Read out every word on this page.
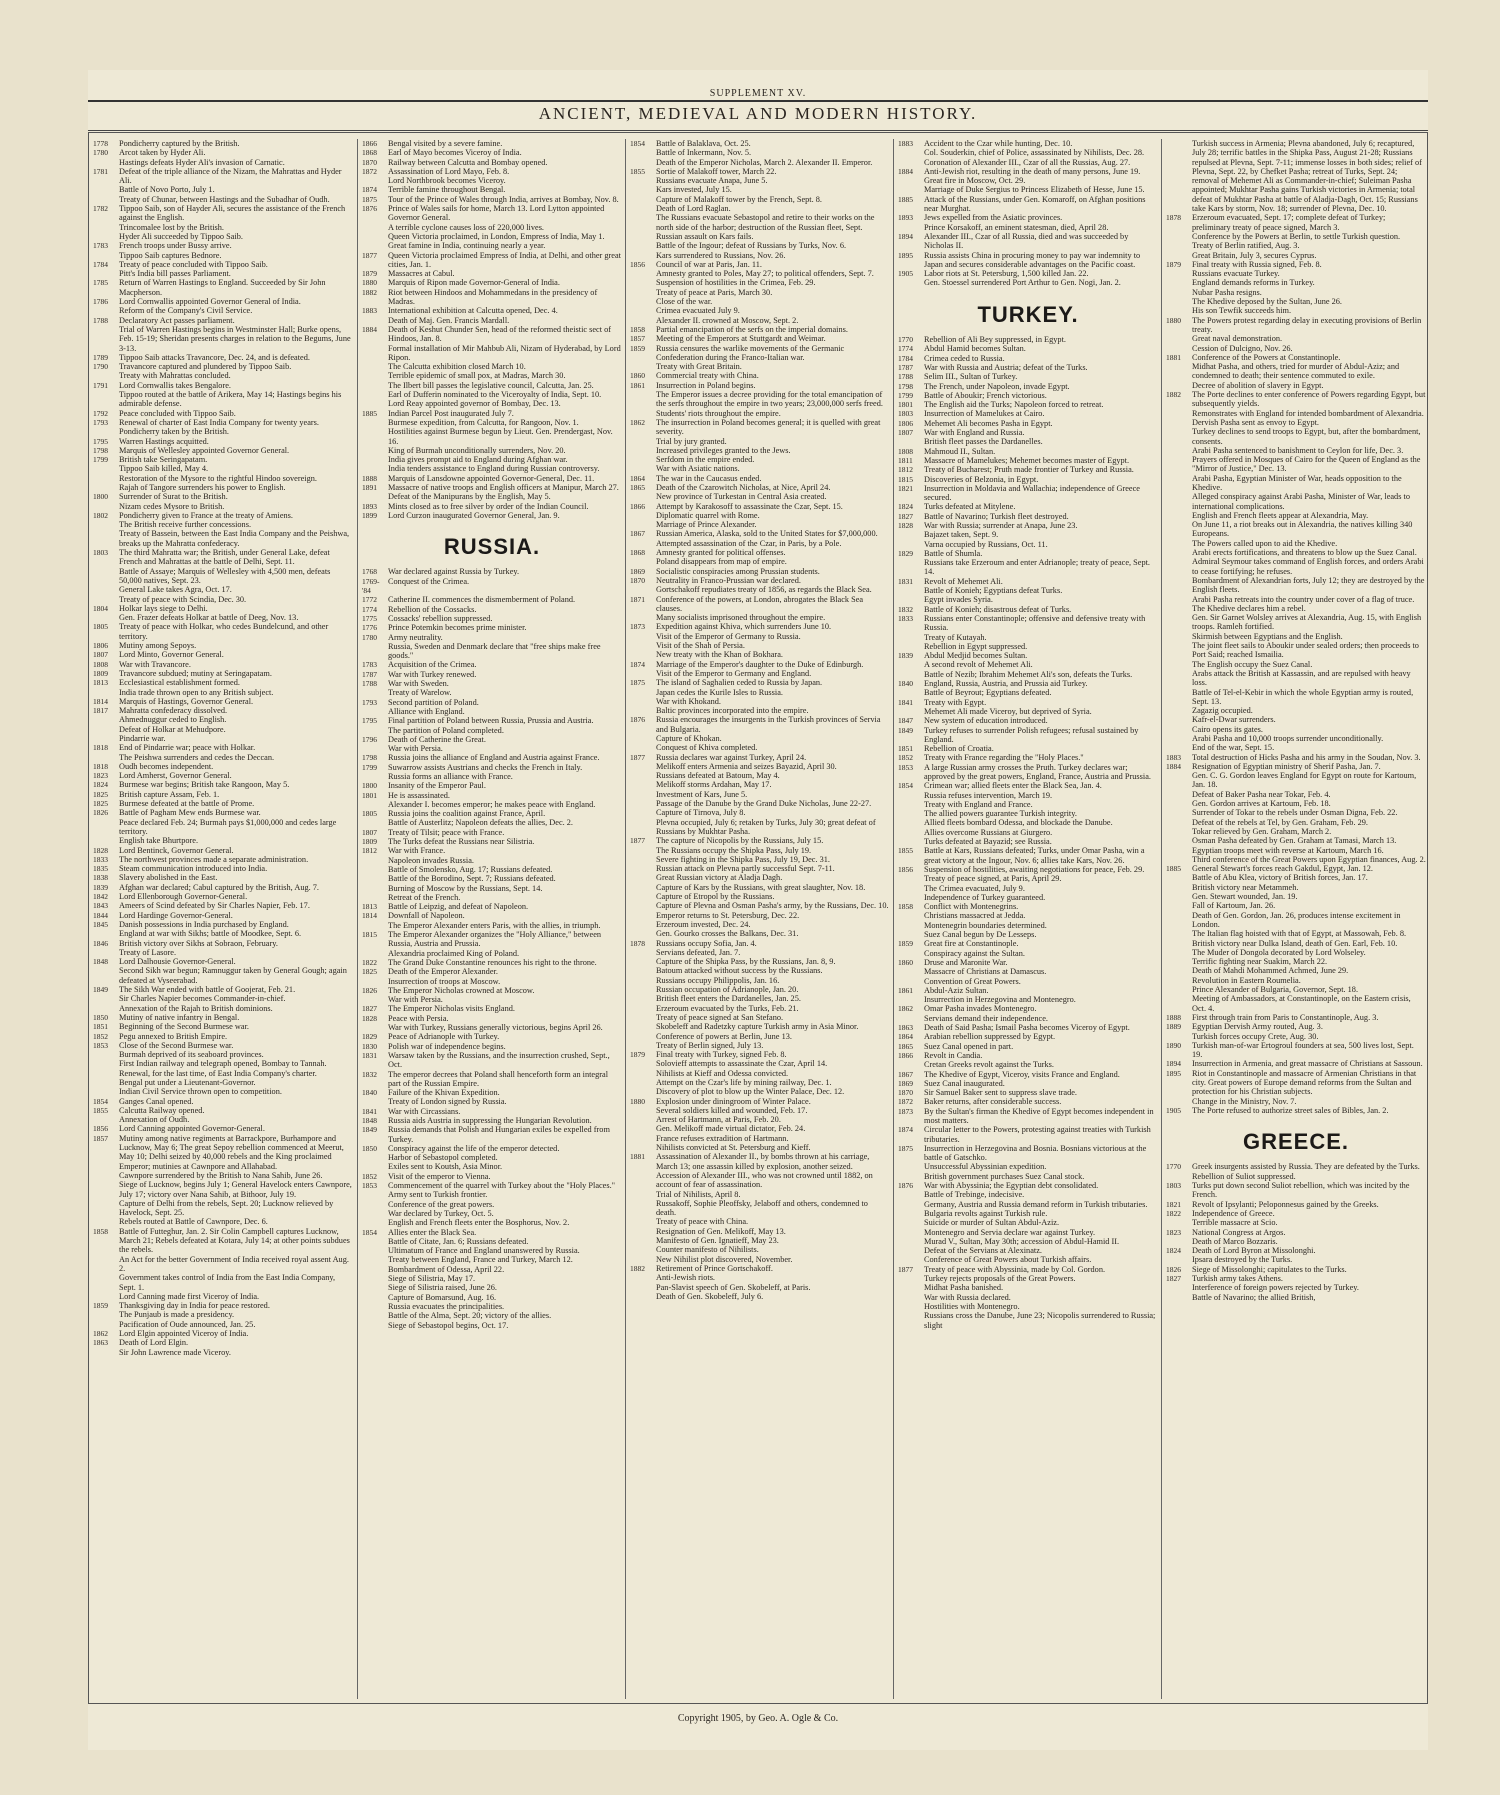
SUPPLEMENT XV.
ANCIENT, MEDIEVAL AND MODERN HISTORY.
1778	Pondicherry captured by the British.
1780	Arcot taken by Hyder Ali.
Hastings defeats Hyder Ali's invasion of Carnatic.
1781	Defeat of the triple alliance of the Nizam, the Mahrattas and Hyder Ali.
Battle of Novo Porto, July 1.
Treaty of Chunar, between Hastings and the Subadhar of Oudh.
1782	Tippoo Saib, son of Hayder Ali, secures the assistance of the French against the English.
Trincomalee lost by the British.
Hyder Ali succeeded by Tippoo Saib.
1783	French troops under Bussy arrive.
Tippoo Saib captures Bednore.
1784	Treaty of peace concluded with Tippoo Saib.
Pitt's India bill passes Parliament.
1785	Return of Warren Hastings to England. Succeeded by Sir John Macpherson.
1786	Lord Cornwallis appointed Governor General of India.
Reform of the Company's Civil Service.
1788	Declaratory Act passes parliament.
Trial of Warren Hastings begins in Westminster Hall; Burke opens, Feb. 15-19; Sheridan presents charges in relation to the Begums, June 3-13.
1789	Tippoo Saib attacks Travancore, Dec. 24, and is defeated.
1790	Travancore captured and plundered by Tippoo Saib.
Treaty with Mahrattas concluded.
1791	Lord Cornwallis takes Bengalore.
Tippoo routed at the battle of Arikera, May 14; Hastings begins his admirable defense.
1792	Peace concluded with Tippoo Saib.
1793	Renewal of charter of East India Company for twenty years.
Pondicherry taken by the British.
1795	Warren Hastings acquitted.
1798	Marquis of Wellesley appointed Governor General.
1799	British take Seringapatam.
Tippoo Saib killed, May 4.
Restoration of the Mysore to the rightful Hindoo sovereign.
Rajah of Tangore surrenders his power to English.
1800	Surrender of Surat to the British.
Nizam cedes Mysore to British.
1802	Pondicherry given to France at the treaty of Amiens.
The British receive further concessions.
Treaty of Bassein, between the East India Company and the Peishwa, breaks up the Mahratta confederacy.
1803	The third Mahratta war; the British, under General Lake, defeat French and Mahrattas at the battle of Delhi, Sept. 11.
Battle of Assaye; Marquis of Wellesley with 4,500 men, defeats 50,000 natives, Sept. 23.
General Lake takes Agra, Oct. 17.
Treaty of peace with Scindia, Dec. 30.
1804	Holkar lays siege to Delhi.
Gen. Frazer defeats Holkar at battle of Deeg, Nov. 13.
1805	Treaty of peace with Holkar, who cedes Bundelcund, and other territory.
1806	Mutiny among Sepoys.
1807	Lord Minto, Governor General.
1808	War with Travancore.
1809	Travancore subdued; mutiny at Seringapatam.
1813	Ecclesiastical establishment formed.
India trade thrown open to any British subject.
1814	Marquis of Hastings, Governor General.
1817	Mahratta confederacy dissolved.
Ahmednuggur ceded to English.
Defeat of Holkar at Mehudpore.
Pindarrie war.
1818	End of Pindarrie war; peace with Holkar.
The Peishwa surrenders and cedes the Deccan.
1818	Oudh becomes independent.
1823	Lord Amherst, Governor General.
1824	Burmese war begins; British take Rangoon, May 5.
1825	British capture Assam, Feb. 1.
1825	Burmese defeated at the battle of Prome.
1826	Battle of Pagham Mew ends Burmese war.
Peace declared Feb. 24; Burmah pays $1,000,000 and cedes large territory.
English take Bhurtpore.
1828	Lord Bentinck, Governor General.
1833	The northwest provinces made a separate administration.
1835	Steam communication introduced into India.
1838	Slavery abolished in the East.
1839	Afghan war declared; Cabul captured by the British, Aug. 7.
1842	Lord Ellenborough Governor-General.
1843	Ameers of Scind defeated by Sir Charles Napier, Feb. 17.
1844	Lord Hardinge Governor-General.
1845	Danish possessions in India purchased by England.
England at war with Sikhs; battle of Moodkee, Sept. 6.
1846	British victory over Sikhs at Sobraon, February.
Treaty of Lasore.
1848	Lord Dalhousie Governor-General.
Second Sikh war begun; Ramnuggur taken by General Gough; again defeated at Vyseerabad.
1849	The Sikh War ended with battle of Goojerat, Feb. 21.
Sir Charles Napier becomes Commander-in-chief.
Annexation of the Rajah to British dominions.
1850	Mutiny of native infantry in Bengal.
1851	Beginning of the Second Burmese war.
1852	Pegu annexed to British Empire.
1853	Close of the Second Burmese war.
Burmah deprived of its seaboard provinces.
First Indian railway and telegraph opened, Bombay to Tannah.
Renewal, for the last time, of East India Company's charter.
Bengal put under a Lieutenant-Governor.
Indian Civil Service thrown open to competition.
1854	Ganges Canal opened.
1855	Calcutta Railway opened.
Annexation of Oudh.
1856	Lord Canning appointed Governor-General.
1857	Mutiny among native regiments at Barrackpore, Burhampore and Lucknow, May 6; The great Sepoy rebellion commenced at Meerut, May 10; Delhi seized by 40,000 rebels and the King proclaimed Emperor; mutinies at Cawnpore and Allahabad.
Cawnpore surrendered by the British to Nana Sahib, June 26.
Siege of Lucknow, begins July 1; General Havelock enters Cawnpore, July 17; victory over Nana Sahib, at Bithoor, July 19.
Capture of Delhi from the rebels, Sept. 20; Lucknow relieved by Havelock, Sept. 25.
Rebels routed at Battle of Cawnpore, Dec. 6.
1858	Battle of Futteghur, Jan. 2. Sir Colin Campbell captures Lucknow, March 21; Rebels defeated at Kotara, July 14; at other points subdues the rebels.
An Act for the better Government of India received royal assent Aug. 2.
Government takes control of India from the East India Company, Sept. 1.
Lord Canning made first Viceroy of India.
1859	Thanksgiving day in India for peace restored.
The Punjaub is made a presidency.
Pacification of Oude announced, Jan. 25.
1862	Lord Elgin appointed Viceroy of India.
1863	Death of Lord Elgin.
Sir John Lawrence made Viceroy.
1866	Bengal visited by a severe famine.
1868	Earl of Mayo becomes Viceroy of India.
1870	Railway between Calcutta and Bombay opened.
1872	Assassination of Lord Mayo, Feb. 8.
Lord Northbrook becomes Viceroy.
1874	Terrible famine throughout Bengal.
1875	Tour of the Prince of Wales through India, arrives at Bombay, Nov. 8.
1876	Prince of Wales sails for home, March 13. Lord Lytton appointed Governor General.
A terrible cyclone causes loss of 220,000 lives.
Queen Victoria proclaimed, in London, Empress of India, May 1.
Great famine in India, continuing nearly a year.
1877	Queen Victoria proclaimed Empress of India, at Delhi, and other great cities, Jan. 1.
1879	Massacres at Cabul.
1880	Marquis of Ripon made Governor-General of India.
1882	Riot between Hindoos and Mohammedans in the presidency of Madras.
1883	International exhibition at Calcutta opened, Dec. 4.
Death of Maj. Gen. Francis Mardall.
1884	Death of Keshut Chunder Sen, head of the reformed theistic sect of Hindoos, Jan. 8.
Formal installation of Mir Mahbub Ali, Nizam of Hyderabad, by Lord Ripon.
The Calcutta exhibition closed March 10.
Terrible epidemic of small pox, at Madras, March 30.
The Ilbert bill passes the legislative council, Calcutta, Jan. 25.
Earl of Dufferin nominated to the Viceroyalty of India, Sept. 10.
Lord Reay appointed governor of Bombay, Dec. 13.
1885	Indian Parcel Post inaugurated July 7.
Burmese expedition, from Calcutta, for Rangoon, Nov. 1.
Hostilities against Burmese begun by Lieut. Gen. Prendergast, Nov. 16.
King of Burmah unconditionally surrenders, Nov. 20.
India gives prompt aid to England during Afghan war.
India tenders assistance to England during Russian controversy.
1888	Marquis of Lansdowne appointed Governor-General, Dec. 11.
1891	Massacre of native troops and English officers at Manipur, March 27.
Defeat of the Manipurans by the English, May 5.
1893	Mints closed as to free silver by order of the Indian Council.
1899	Lord Curzon inaugurated Governor General, Jan. 9.
RUSSIA.
1768	War declared against Russia by Turkey.
1769-'84
Conquest of the Crimea.
1772	Catherine II. commences the dismemberment of Poland.
1774	Rebellion of the Cossacks.
1775	Cossacks' rebellion suppressed.
1776	Prince Potemkin becomes prime minister.
1780	Army neutrality.
Russia, Sweden and Denmark declare that "free ships make free goods."
1783	Acquisition of the Crimea.
1787	War with Turkey renewed.
1788	War with Sweden.
Treaty of Warelow.
1793	Second partition of Poland.
Alliance with England.
1795	Final partition of Poland between Russia, Prussia and Austria.
The partition of Poland completed.
1796	Death of Catherine the Great.
War with Persia.
1798	Russia joins the alliance of England and Austria against France.
1799	Suwarrow assists Austrians and checks the French in Italy.
Russia forms an alliance with France.
1800	Insanity of the Emperor Paul.
1801	He is assassinated.
Alexander I. becomes emperor; he makes peace with England.
1805	Russia joins the coalition against France, April.
Battle of Austerlitz; Napoleon defeats the allies, Dec. 2.
1807	Treaty of Tilsit; peace with France.
1809	The Turks defeat the Russians near Silistria.
1812	War with France.
Napoleon invades Russia.
Battle of Smolensko, Aug. 17; Russians defeated.
Battle of the Borodino, Sept. 7; Russians defeated.
Burning of Moscow by the Russians, Sept. 14.
Retreat of the French.
1813	Battle of Leipzig, and defeat of Napoleon.
1814	Downfall of Napoleon.
The Emperor Alexander enters Paris, with the allies, in triumph.
1815	The Emperor Alexander organizes the "Holy Alliance," between Russia, Austria and Prussia.
Alexandria proclaimed King of Poland.
1822	The Grand Duke Constantine renounces his right to the throne.
1825	Death of the Emperor Alexander.
Insurrection of troops at Moscow.
1826	The Emperor Nicholas crowned at Moscow.
War with Persia.
1827	The Emperor Nicholas visits England.
1828	Peace with Persia.
War with Turkey, Russians generally victorious, begins April 26.
1829	Peace of Adrianople with Turkey.
1830	Polish war of independence begins.
1831	Warsaw taken by the Russians, and the insurrection crushed, Sept., Oct.
1832	The emperor decrees that Poland shall henceforth form an integral part of the Russian Empire.
1840	Failure of the Khivan Expedition.
Treaty of London signed by Russia.
1841	War with Circassians.
1848	Russia aids Austria in suppressing the Hungarian Revolution.
1849	Russia demands that Polish and Hungarian exiles be expelled from Turkey.
1850	Conspiracy against the life of the emperor detected.
Harbor of Sebastopol completed.
Exiles sent to Koutsh, Asia Minor.
1852	Visit of the emperor to Vienna.
1853	Commencement of the quarrel with Turkey about the "Holy Places."
Army sent to Turkish frontier.
Conference of the great powers.
War declared by Turkey, Oct. 5.
English and French fleets enter the Bosphorus, Nov. 2.
1854	Allies enter the Black Sea.
Battle of Citate, Jan. 6; Russians defeated.
Ultimatum of France and England unanswered by Russia.
Treaty between England, France and Turkey, March 12.
Bombardment of Odessa, April 22.
Siege of Silistria, May 17.
Siege of Silistria raised, June 26.
Capture of Bomarsund, Aug. 16.
Russia evacuates the principalities.
Battle of the Alma, Sept. 20; victory of the allies.
Siege of Sebastopol begins, Oct. 17.
1854	Battle of Balaklava, Oct. 25.
Battle of Inkermann, Nov. 5.
Death of the Emperor Nicholas, March 2. Alexander II. Emperor.
1855	Sortie of Malakoff tower, March 22.
Russians evacuate Anapa, June 5.
Kars invested, July 15.
Capture of Malakoff tower by the French, Sept. 8.
Death of Lord Raglan.
The Russians evacuate Sebastopol and retire to their works on the north side of the harbor; destruction of the Russian fleet, Sept.
Russian assault on Kars fails.
Battle of the Ingour; defeat of Russians by Turks, Nov. 6.
Kars surrendered to Russians, Nov. 26.
1856	Council of war at Paris, Jan. 11.
Amnesty granted to Poles, May 27; to political offenders, Sept. 7.
Suspension of hostilities in the Crimea, Feb. 29.
Treaty of peace at Paris, March 30.
Close of the war.
Crimea evacuated July 9.
Alexander II. crowned at Moscow, Sept. 2.
1858	Partial emancipation of the serfs on the imperial domains.
1857	Meeting of the Emperors at Stuttgardt and Weimar.
1859	Russia censures the warlike movements of the Germanic Confederation during the Franco-Italian war.
Treaty with Great Britain.
1860	Commercial treaty with China.
1861	Insurrection in Poland begins.
The Emperor issues a decree providing for the total emancipation of the serfs throughout the empire in two years; 23,000,000 serfs freed.
Students' riots throughout the empire.
1862	The insurrection in Poland becomes general; it is quelled with great severity.
Trial by jury granted.
Increased privileges granted to the Jews.
Serfdom in the empire ended.
War with Asiatic nations.
1864	The war in the Caucasus ended.
1865	Death of the Czarowitch Nicholas, at Nice, April 24.
New province of Turkestan in Central Asia created.
1866	Attempt by Karakosoff to assassinate the Czar, Sept. 15.
Diplomatic quarrel with Rome.
Marriage of Prince Alexander.
1867	Russian America, Alaska, sold to the United States for $7,000,000.
Attempted assassination of the Czar, in Paris, by a Pole.
1868	Amnesty granted for political offenses.
Poland disappears from map of empire.
1869	Socialistic conspiracies among Prussian students.
1870	Neutrality in Franco-Prussian war declared.
Gortschakoff repudiates treaty of 1856, as regards the Black Sea.
1871	Conference of the powers, at London, abrogates the Black Sea clauses.
Many socialists imprisoned throughout the empire.
1873	Expedition against Khiva, which surrenders June 10.
Visit of the Emperor of Germany to Russia.
Visit of the Shah of Persia.
New treaty with the Khan of Bokhara.
1874	Marriage of the Emperor's daughter to the Duke of Edinburgh.
Visit of the Emperor to Germany and England.
1875	The island of Saghalien ceded to Russia by Japan.
Japan cedes the Kurile Isles to Russia.
War with Khokand.
Baltic provinces incorporated into the empire.
1876	Russia encourages the insurgents in the Turkish provinces of Servia and Bulgaria.
Capture of Khokan.
Conquest of Khiva completed.
1877	Russia declares war against Turkey, April 24.
Melikoff enters Armenia and seizes Bayazid, April 30.
Russians defeated at Batoum, May 4.
Melikoff storms Ardahan, May 17.
Investment of Kars, June 5.
Passage of the Danube by the Grand Duke Nicholas, June 22-27.
Capture of Tirnova, July 8.
Plevna occupied, July 6; retaken by Turks, July 30; great defeat of Russians by Mukhtar Pasha.
1877	The capture of Nicopolis by the Russians, July 15.
The Russians occupy the Shipka Pass, July 19.
Severe fighting in the Shipka Pass, July 19, Dec. 31.
Russian attack on Plevna partly successful Sept. 7-11.
Great Russian victory at Aladja Dagh.
Capture of Kars by the Russians, with great slaughter, Nov. 18.
Capture of Etropol by the Russians.
Capture of Plevna and Osman Pasha's army, by the Russians, Dec. 10.
Emperor returns to St. Petersburg, Dec. 22.
Erzeroum invested, Dec. 24.
Gen. Gourko crosses the Balkans, Dec. 31.
1878	Russians occupy Sofia, Jan. 4.
Servians defeated, Jan. 7.
Capture of the Shipka Pass, by the Russians, Jan. 8, 9.
Batoum attacked without success by the Russians.
Russians occupy Philippolis, Jan. 16.
Russian occupation of Adrianople, Jan. 20.
British fleet enters the Dardanelles, Jan. 25.
Erzeroum evacuated by the Turks, Feb. 21.
Treaty of peace signed at San Stefano.
Skobeleff and Radetzky capture Turkish army in Asia Minor.
Conference of powers at Berlin, June 13.
Treaty of Berlin signed, July 13.
1879	Final treaty with Turkey, signed Feb. 8.
Solovieff attempts to assassinate the Czar, April 14.
Nihilists at Kieff and Odessa convicted.
Attempt on the Czar's life by mining railway, Dec. 1.
Discovery of plot to blow up the Winter Palace, Dec. 12.
1880	Explosion under diningroom of Winter Palace.
Several soldiers killed and wounded, Feb. 17.
Arrest of Hartmann, at Paris, Feb. 20.
Gen. Melikoff made virtual dictator, Feb. 24.
France refuses extradition of Hartmann.
Nihilists convicted at St. Petersburg and Kieff.
1881	Assassination of Alexander II., by bombs thrown at his carriage, March 13; one assassin killed by explosion, another seized.
Accession of Alexander III., who was not crowned until 1882, on account of fear of assassination.
Trial of Nihilists, April 8.
Russakoff, Sophie Pleoffsky, Jelaboff and others, condemned to death.
Treaty of peace with China.
Resignation of Gen. Melikoff, May 13.
Manifesto of Gen. Ignatieff, May 23.
Counter manifesto of Nihilists.
New Nihilist plot discovered, November.
1882	Retirement of Prince Gortschakoff.
Anti-Jewish riots.
Pan-Slavist speech of Gen. Skobeleff, at Paris.
Death of Gen. Skobeleff, July 6.
1883	Accident to the Czar while hunting, Dec. 10.
Col. Souderkin, chief of Police, assassinated by Nihilists, Dec. 28.
Coronation of Alexander III., Czar of all the Russias, Aug. 27.
1884	Anti-Jewish riot, resulting in the death of many persons, June 19.
Great fire in Moscow, Oct. 29.
Marriage of Duke Sergius to Princess Elizabeth of Hesse, June 15.
1885	Attack of the Russians, under Gen. Komaroff, on Afghan positions near Murghat.
1893	Jews expelled from the Asiatic provinces.
Prince Korsakoff, an eminent statesman, died, April 28.
1894	Alexander III., Czar of all Russia, died and was succeeded by Nicholas II.
1895	Russia assists China in procuring money to pay war indemnity to Japan and secures considerable advantages on the Pacific coast.
1905	Labor riots at St. Petersburg, 1,500 killed Jan. 22.
Gen. Stoessel surrendered Port Arthur to Gen. Nogi, Jan. 2.
TURKEY.
1770	Rebellion of Ali Bey suppressed, in Egypt.
1774	Abdul Hamid becomes Sultan.
1784	Crimea ceded to Russia.
1787	War with Russia and Austria; defeat of the Turks.
1788	Selim III., Sultan of Turkey.
1798	The French, under Napoleon, invade Egypt.
1799	Battle of Aboukir; French victorious.
1801	The English aid the Turks; Napoleon forced to retreat.
1803	Insurrection of Mamelukes at Cairo.
1806	Mehemet Ali becomes Pasha in Egypt.
1807	War with England and Russia.
British fleet passes the Dardanelles.
1808	Mahmoud II., Sultan.
1811	Massacre of Mamelukes; Mehemet becomes master of Egypt.
1812	Treaty of Bucharest; Pruth made frontier of Turkey and Russia.
1815	Discoveries of Belzonia, in Egypt.
1821	Insurrection in Moldavia and Wallachia; independence of Greece secured.
1824	Turks defeated at Mitylene.
1827	Battle of Navarino; Turkish fleet destroyed.
1828	War with Russia; surrender at Anapa, June 23.
Bajazet taken, Sept. 9.
Varna occupied by Russians, Oct. 11.
1829	Battle of Shumla.
Russians take Erzeroum and enter Adrianople; treaty of peace, Sept. 14.
1831	Revolt of Mehemet Ali.
Battle of Konieh; Egyptians defeat Turks.
Egypt invades Syria.
1832	Battle of Konieh; disastrous defeat of Turks.
1833	Russians enter Constantinople; offensive and defensive treaty with Russia.
Treaty of Kutayah.
Rebellion in Egypt suppressed.
1839	Abdul Medjid becomes Sultan.
A second revolt of Mehemet Ali.
Battle of Nezib; Ibrahim Mehemet Ali's son, defeats the Turks.
1840	England, Russia, Austria, and Prussia aid Turkey.
Battle of Beyrout; Egyptians defeated.
1841	Treaty with Egypt.
Mehemet Ali made Viceroy, but deprived of Syria.
1847	New system of education introduced.
1849	Turkey refuses to surrender Polish refugees; refusal sustained by England.
1851	Rebellion of Croatia.
1852	Treaty with France regarding the "Holy Places."
1853	A large Russian army crosses the Pruth. Turkey declares war; approved by the great powers, England, France, Austria and Prussia.
1854	Crimean war; allied fleets enter the Black Sea, Jan. 4.
Russia refuses intervention, March 19.
Treaty with England and France.
The allied powers guarantee Turkish integrity.
Allied fleets bombard Odessa, and blockade the Danube.
Allies overcome Russians at Giurgero.
Turks defeated at Bayazid; see Russia.
1855	Battle at Kars, Russians defeated; Turks, under Omar Pasha, win a great victory at the Ingour, Nov. 6; allies take Kars, Nov. 26.
1856	Suspension of hostilities, awaiting negotiations for peace, Feb. 29.
Treaty of peace signed, at Paris, April 29.
The Crimea evacuated, July 9.
Independence of Turkey guaranteed.
1858	Conflict with Montenegrins.
Christians massacred at Jedda.
Montenegrin boundaries determined.
Suez Canal begun by De Lesseps.
1859	Great fire at Constantinople.
Conspiracy against the Sultan.
1860	Druse and Maronite War.
Massacre of Christians at Damascus.
Convention of Great Powers.
1861	Abdul-Aziz Sultan.
Insurrection in Herzegovina and Montenegro.
1862	Omar Pasha invades Montenegro.
Servians demand their independence.
1863	Death of Said Pasha; Ismail Pasha becomes Viceroy of Egypt.
1864	Arabian rebellion suppressed by Egypt.
1865	Suez Canal opened in part.
1866	Revolt in Candia.
Cretan Greeks revolt against the Turks.
1867	The Khedive of Egypt, Viceroy, visits France and England.
1869	Suez Canal inaugurated.
1870	Sir Samuel Baker sent to suppress slave trade.
1872	Baker returns, after considerable success.
1873	By the Sultan's firman the Khedive of Egypt becomes independent in most matters.
1874	Circular letter to the Powers, protesting against treaties with Turkish tributaries.
1875	Insurrection in Herzegovina and Bosnia. Bosnians victorious at the battle of Gatschko.
Unsuccessful Abyssinian expedition.
British government purchases Suez Canal stock.
1876	War with Abyssinia; the Egyptian debt consolidated.
Battle of Trebinge, indecisive.
Germany, Austria and Russia demand reform in Turkish tributaries.
Bulgaria revolts against Turkish rule.
Suicide or murder of Sultan Abdul-Aziz.
Montenegro and Servia declare war against Turkey.
Murad V., Sultan, May 30th; accession of Abdul-Hamid II.
Defeat of the Servians at Alexinatz.
Conference of Great Powers about Turkish affairs.
1877	Treaty of peace with Abyssinia, made by Col. Gordon.
Turkey rejects proposals of the Great Powers.
Midhat Pasha banished.
War with Russia declared.
Hostilities with Montenegro.
Russians cross the Danube, June 23; Nicopolis surrendered to Russia; slight
Turkish success in Armenia; Plevna abandoned, July 6; recaptured, July 28; terrific battles in the Shipka Pass, August 21-28; Russians repulsed at Plevna, Sept. 7-11; immense losses in both sides; relief of Plevna, Sept. 22, by Chefket Pasha; retreat of Turks, Sept. 24; removal of Mehemet Ali as Commander-in-chief; Suleiman Pasha appointed; Mukhtar Pasha gains Turkish victories in Armenia; total defeat of Mukhtar Pasha at battle of Aladja-Dagh, Oct. 15; Russians take Kars by storm, Nov. 18; surrender of Plevna, Dec. 10.
1878	Erzeroum evacuated, Sept. 17; complete defeat of Turkey; preliminary treaty of peace signed, March 3.
Conference by the Powers at Berlin, to settle Turkish question.
Treaty of Berlin ratified, Aug. 3.
Great Britain, July 3, secures Cyprus.
1879	Final treaty with Russia signed, Feb. 8.
Russians evacuate Turkey.
England demands reforms in Turkey.
Nubar Pasha resigns.
The Khedive deposed by the Sultan, June 26.
His son Tewfik succeeds him.
1880	The Powers protest regarding delay in executing provisions of Berlin treaty.
Great naval demonstration.
Cession of Dulcigno, Nov. 26.
1881	Conference of the Powers at Constantinople.
Midhat Pasha, and others, tried for murder of Abdul-Aziz; and condemned to death; their sentence commuted to exile.
Decree of abolition of slavery in Egypt.
1882	The Porte declines to enter conference of Powers regarding Egypt, but subsequently yields.
Remonstrates with England for intended bombardment of Alexandria.
Dervish Pasha sent as envoy to Egypt.
Turkey declines to send troops to Egypt, but, after the bombardment, consents.
Arabi Pasha sentenced to banishment to Ceylon for life, Dec. 3.
Prayers offered in Mosques of Cairo for the Queen of England as the "Mirror of Justice," Dec. 13.
Arabi Pasha, Egyptian Minister of War, heads opposition to the Khedive.
Alleged conspiracy against Arabi Pasha, Minister of War, leads to international complications.
English and French fleets appear at Alexandria, May.
On June 11, a riot breaks out in Alexandria, the natives killing 340 Europeans.
The Powers called upon to aid the Khedive.
Arabi erects fortifications, and threatens to blow up the Suez Canal.
Admiral Seymour takes command of English forces, and orders Arabi to cease fortifying; he refuses.
Bombardment of Alexandrian forts, July 12; they are destroyed by the English fleets.
Arabi Pasha retreats into the country under cover of a flag of truce.
The Khedive declares him a rebel.
Gen. Sir Garnet Wolsley arrives at Alexandria, Aug. 15, with English troops. Ramleh fortified.
Skirmish between Egyptians and the English.
The joint fleet sails to Aboukir under sealed orders; then proceeds to Port Said; reached Ismailia.
The English occupy the Suez Canal.
Arabs attack the British at Kassassin, and are repulsed with heavy loss.
Battle of Tel-el-Kebir in which the whole Egyptian army is routed, Sept. 13.
Zagazig occupied.
Kafr-el-Dwar surrenders.
Cairo opens its gates.
Arabi Pasha and 10,000 troops surrender unconditionally.
End of the war, Sept. 15.
1883	Total destruction of Hicks Pasha and his army in the Soudan, Nov. 3.
1884	Resignation of Egyptian ministry of Sherif Pasha, Jan. 7.
Gen. C. G. Gordon leaves England for Egypt on route for Kartoum, Jan. 18.
Defeat of Baker Pasha near Tokar, Feb. 4.
Gen. Gordon arrives at Kartoum, Feb. 18.
Surrender of Tokar to the rebels under Osman Digna, Feb. 22.
Defeat of the rebels at Tel, by Gen. Graham, Feb. 29.
Tokar relieved by Gen. Graham, March 2.
Osman Pasha defeated by Gen. Graham at Tamasi, March 13.
Egyptian troops meet with reverse at Kartoum, March 16.
Third conference of the Great Powers upon Egyptian finances, Aug. 2.
1885	General Stewart's forces reach Gakdul, Egypt, Jan. 12.
Battle of Abu Klea, victory of British forces, Jan. 17.
British victory near Metammeh.
Gen. Stewart wounded, Jan. 19.
Fall of Kartoum, Jan. 26.
Death of Gen. Gordon, Jan. 26, produces intense excitement in London.
The Italian flag hoisted with that of Egypt, at Massowah, Feb. 8.
British victory near Dulka Island, death of Gen. Earl, Feb. 10.
The Muder of Dongola decorated by Lord Wolseley.
Terrific fighting near Suakim, March 22.
Death of Mahdi Mohammed Achmed, June 29.
Revolution in Eastern Roumelia.
Prince Alexander of Bulgaria, Governor, Sept. 18.
Meeting of Ambassadors, at Constantinople, on the Eastern crisis, Oct. 4.
1888	First through train from Paris to Constantinople, Aug. 3.
1889	Egyptian Dervish Army routed, Aug. 3.
Turkish forces occupy Crete, Aug. 30.
1890	Turkish man-of-war Ertogroul founders at sea, 500 lives lost, Sept. 19.
1894	Insurrection in Armenia, and great massacre of Christians at Sassoun.
1895	Riot in Constantinople and massacre of Armenian Christians in that city. Great powers of Europe demand reforms from the Sultan and protection for his Christian subjects.
Change in the Ministry, Nov. 7.
1905	The Porte refused to authorize street sales of Bibles, Jan. 2.
GREECE.
1770	Greek insurgents assisted by Russia. They are defeated by the Turks.
Rebellion of Suliot suppressed.
1803	Turks put down second Suliot rebellion, which was incited by the French.
1821	Revolt of Ipsylanti; Peloponnesus gained by the Greeks.
1822	Independence of Greece.
Terrible massacre at Scio.
1823	National Congress at Argos.
Death of Marco Bozzaris.
1824	Death of Lord Byron at Missolonghi.
Ipsara destroyed by the Turks.
1826	Siege of Missolonghi; capitulates to the Turks.
1827	Turkish army takes Athens.
Interference of foreign powers rejected by Turkey.
Battle of Navarino; the allied British,
Copyright 1905, by Geo. A. Ogle & Co.
